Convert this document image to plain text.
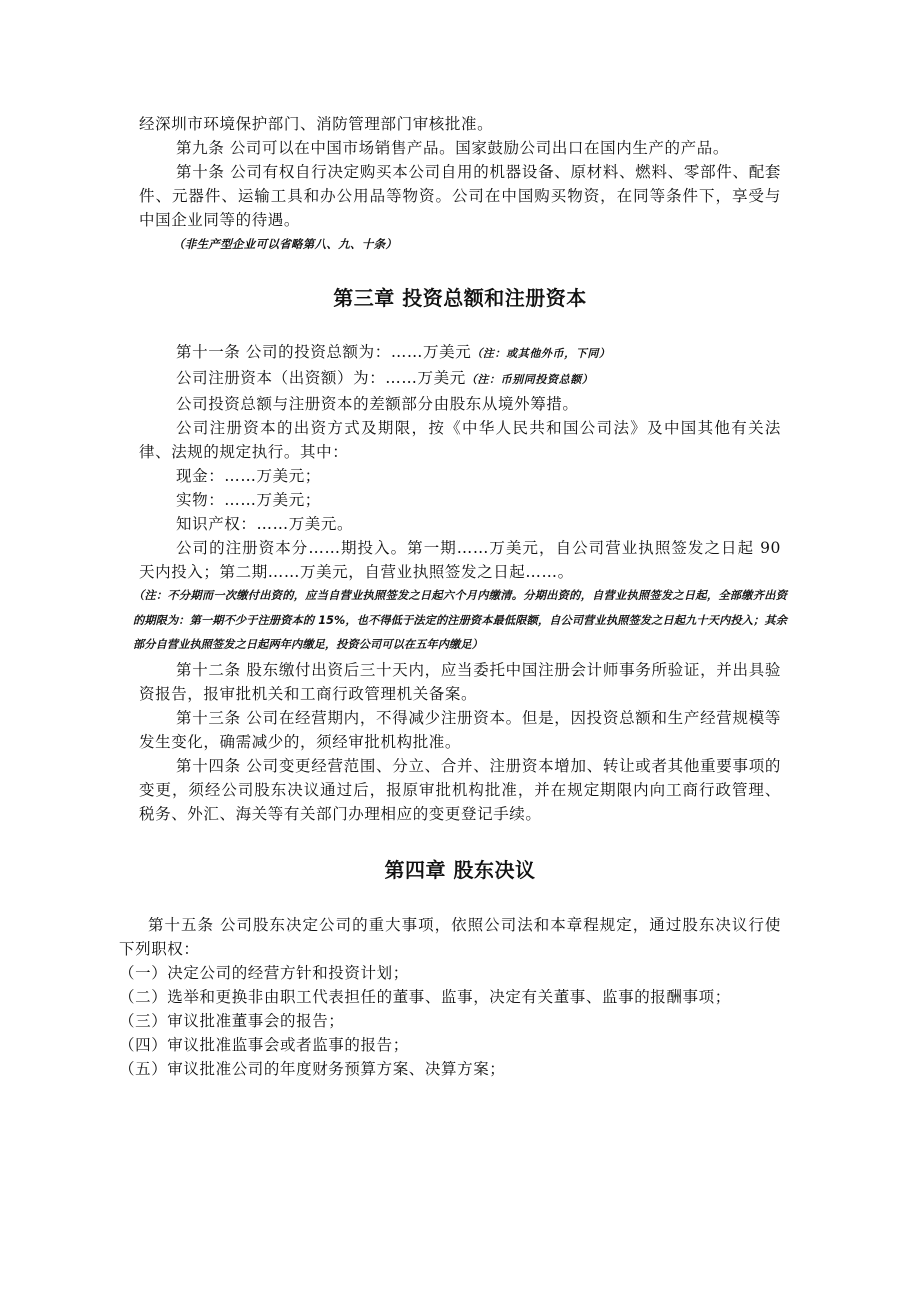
经深圳市环境保护部门、消防管理部门审核批准。

第九条 公司可以在中国市场销售产品。国家鼓励公司出口在国内生产的产品。

第十条 公司有权自行决定购买本公司自用的机器设备、原材料、燃料、零部件、配套件、元器件、运输工具和办公用品等物资。公司在中国购买物资，在同等条件下，享受与中国企业同等的待遇。

（非生产型企业可以省略第八、九、十条）
第三章 投资总额和注册资本

第十一条 公司的投资总额为：……万美元（注：或其他外币，下同）

公司注册资本（出资额）为：……万美元（注：币别同投资总额）

公司投资总额与注册资本的差额部分由股东从境外筹措。

公司注册资本的出资方式及期限，按《中华人民共和国公司法》及中国其他有关法律、法规的规定执行。其中：

现金：……万美元；

实物：……万美元；

知识产权：……万美元。

公司的注册资本分……期投入。第一期……万美元，自公司营业执照签发之日起 90 天内投入；第二期……万美元，自营业执照签发之日起……。

（注：不分期而一次缴付出资的，应当自营业执照签发之日起六个月内缴清。分期出资的，自营业执照签发之日起，全部缴齐出资的期限为：第一期不少于注册资本的 15%，也不得低于法定的注册资本最低限额，自公司营业执照签发之日起九十天内投入；其余部分自营业执照签发之日起两年内缴足，投资公司可以在五年内缴足）

第十二条 股东缴付出资后三十天内，应当委托中国注册会计师事务所验证，并出具验资报告，报审批机关和工商行政管理机关备案。

第十三条 公司在经营期内，不得减少注册资本。但是，因投资总额和生产经营规模等发生变化，确需减少的，须经审批机构批准。

第十四条 公司变更经营范围、分立、合并、注册资本增加、转让或者其他重要事项的变更，须经公司股东决议通过后，报原审批机构批准，并在规定期限内向工商行政管理、税务、外汇、海关等有关部门办理相应的变更登记手续。

第四章 股东决议

第十五条 公司股东决定公司的重大事项，依照公司法和本章程规定，通过股东决议行使下列职权：

（一）决定公司的经营方针和投资计划；

（二）选举和更换非由职工代表担任的董事、监事，决定有关董事、监事的报酬事项；

（三）审议批准董事会的报告；

（四）审议批准监事会或者监事的报告；

（五）审议批准公司的年度财务预算方案、决算方案；
